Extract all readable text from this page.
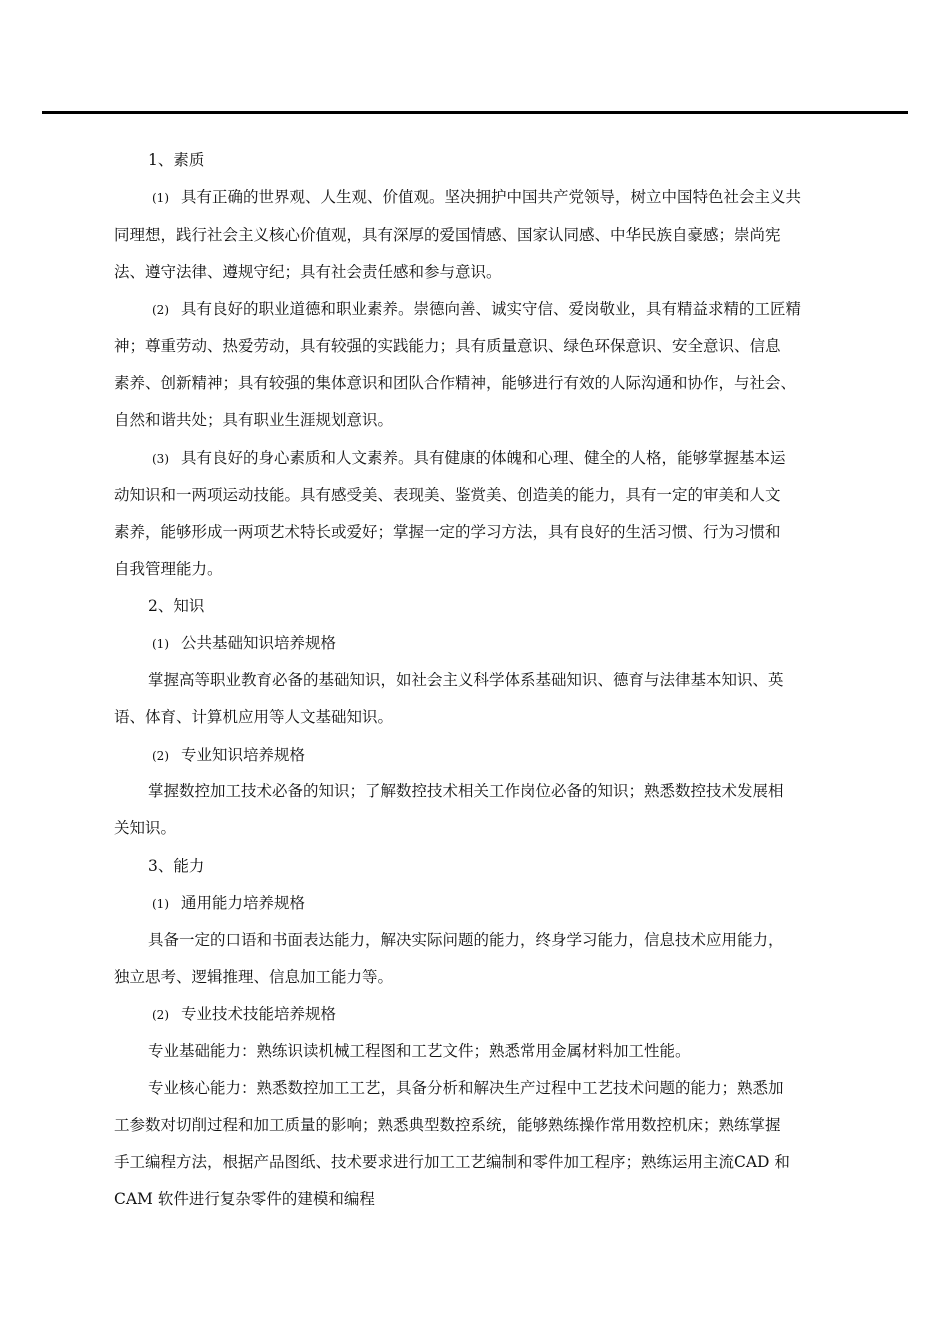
1、素质
(1) 具有正确的世界观、人生观、价值观。坚决拥护中国共产党领导，树立中国特色社会主义共
同理想，践行社会主义核心价值观，具有深厚的爱国情感、国家认同感、中华民族自豪感；崇尚宪
法、遵守法律、遵规守纪；具有社会责任感和参与意识。
(2) 具有良好的职业道德和职业素养。崇德向善、诚实守信、爱岗敬业，具有精益求精的工匠精
神；尊重劳动、热爱劳动，具有较强的实践能力；具有质量意识、绿色环保意识、安全意识、信息
素养、创新精神；具有较强的集体意识和团队合作精神，能够进行有效的人际沟通和协作，与社会、
自然和谐共处；具有职业生涯规划意识。
(3) 具有良好的身心素质和人文素养。具有健康的体魄和心理、健全的人格，能够掌握基本运
动知识和一两项运动技能。具有感受美、表现美、鉴赏美、创造美的能力，具有一定的审美和人文
素养，能够形成一两项艺术特长或爱好；掌握一定的学习方法，具有良好的生活习惯、行为习惯和
自我管理能力。
2、知识
(1) 公共基础知识培养规格
掌握高等职业教育必备的基础知识，如社会主义科学体系基础知识、德育与法律基本知识、英
语、体育、计算机应用等人文基础知识。
(2) 专业知识培养规格
掌握数控加工技术必备的知识；了解数控技术相关工作岗位必备的知识；熟悉数控技术发展相
关知识。
3、能力
(1) 通用能力培养规格
具备一定的口语和书面表达能力，解决实际问题的能力，终身学习能力，信息技术应用能力，
独立思考、逻辑推理、信息加工能力等。
(2) 专业技术技能培养规格
专业基础能力：熟练识读机械工程图和工艺文件；熟悉常用金属材料加工性能。
专业核心能力：熟悉数控加工工艺，具备分析和解决生产过程中工艺技术问题的能力；熟悉加
工参数对切削过程和加工质量的影响；熟悉典型数控系统，能够熟练操作常用数控机床；熟练掌握
手工编程方法，根据产品图纸、技术要求进行加工工艺编制和零件加工程序；熟练运用主流CAD 和
CAM 软件进行复杂零件的建模和编程
